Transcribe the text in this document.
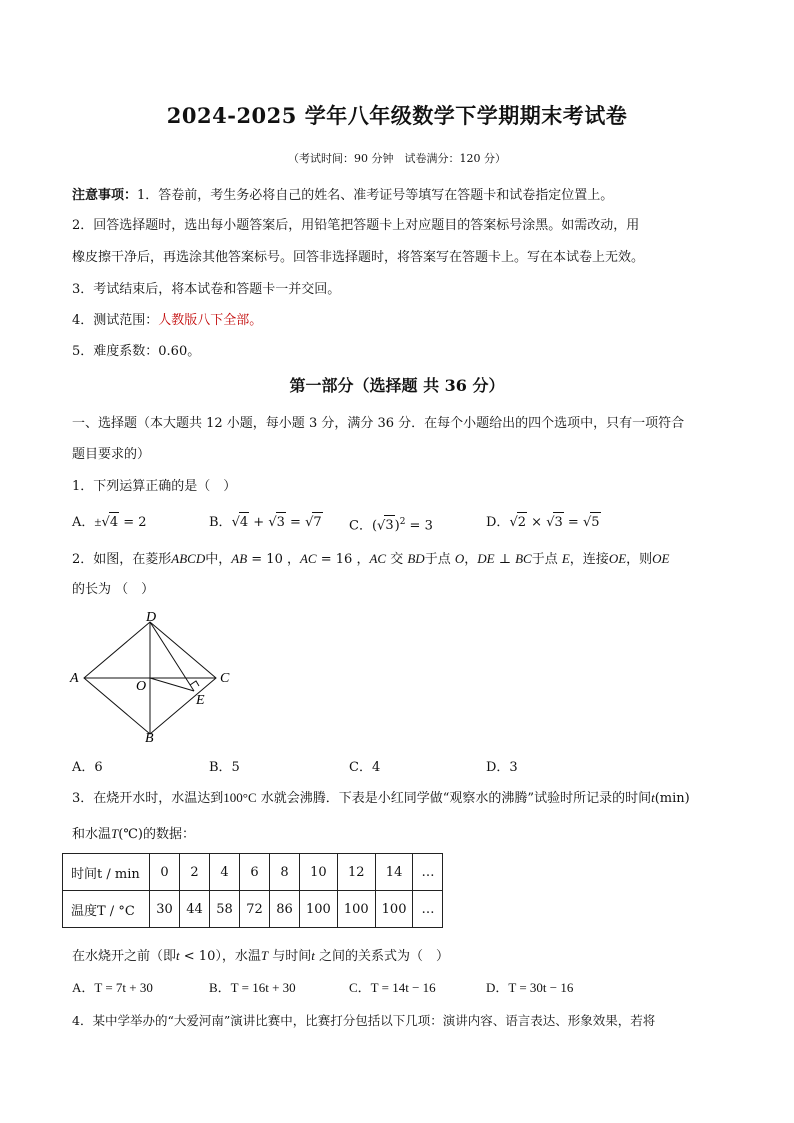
2024-2025 学年八年级数学下学期期末考试卷
（考试时间：90 分钟　试卷满分：120 分）
注意事项：1．答卷前，考生务必将自己的姓名、准考证号等填写在答题卡和试卷指定位置上。
2．回答选择题时，选出每小题答案后，用铅笔把答题卡上对应题目的答案标号涂黑。如需改动，用
橡皮擦干净后，再选涂其他答案标号。回答非选择题时，将答案写在答题卡上。写在本试卷上无效。
3．考试结束后，将本试卷和答题卡一并交回。
4．测试范围：人教版八下全部。
5．难度系数：0.60。
第一部分（选择题 共 36 分）
一、选择题（本大题共 12 小题，每小题 3 分，满分 36 分．在每个小题给出的四个选项中，只有一项符合
题目要求的）
1．下列运算正确的是（　）
A．±√4 = 2	B．√4 + √3 = √7 C．$(√3)^2 = 3$	D．√2 × √3 = √5
2．如图，在菱形ABCD中，AB = 10 ，AC = 16 ，AC 交 BD于点 O，DE ⊥ BC于点 E，连接OE，则OE
的长为 （　）
D
A
O
C
E
B
A．6	B．5	C．4	D．3
3．在烧开水时，水温达到100°C 水就会沸腾．下表是小红同学做“观察水的沸腾”试验时所记录的时间t(min)
和水温T(℃)的数据：
时间t / min	0	2	4	6	8	10	12	14	…
温度T / °C	30	44	58	72	86	100	100	100	…
在水烧开之前（即t < 10），水温T 与时间t 之间的关系式为（　）
A．T = 7t + 30	B．T = 16t + 30	C．T = 14t − 16	D．T = 30t − 16
4．某中学举办的“大爱河南”演讲比赛中，比赛打分包括以下几项：演讲内容、语言表达、形象效果，若将
